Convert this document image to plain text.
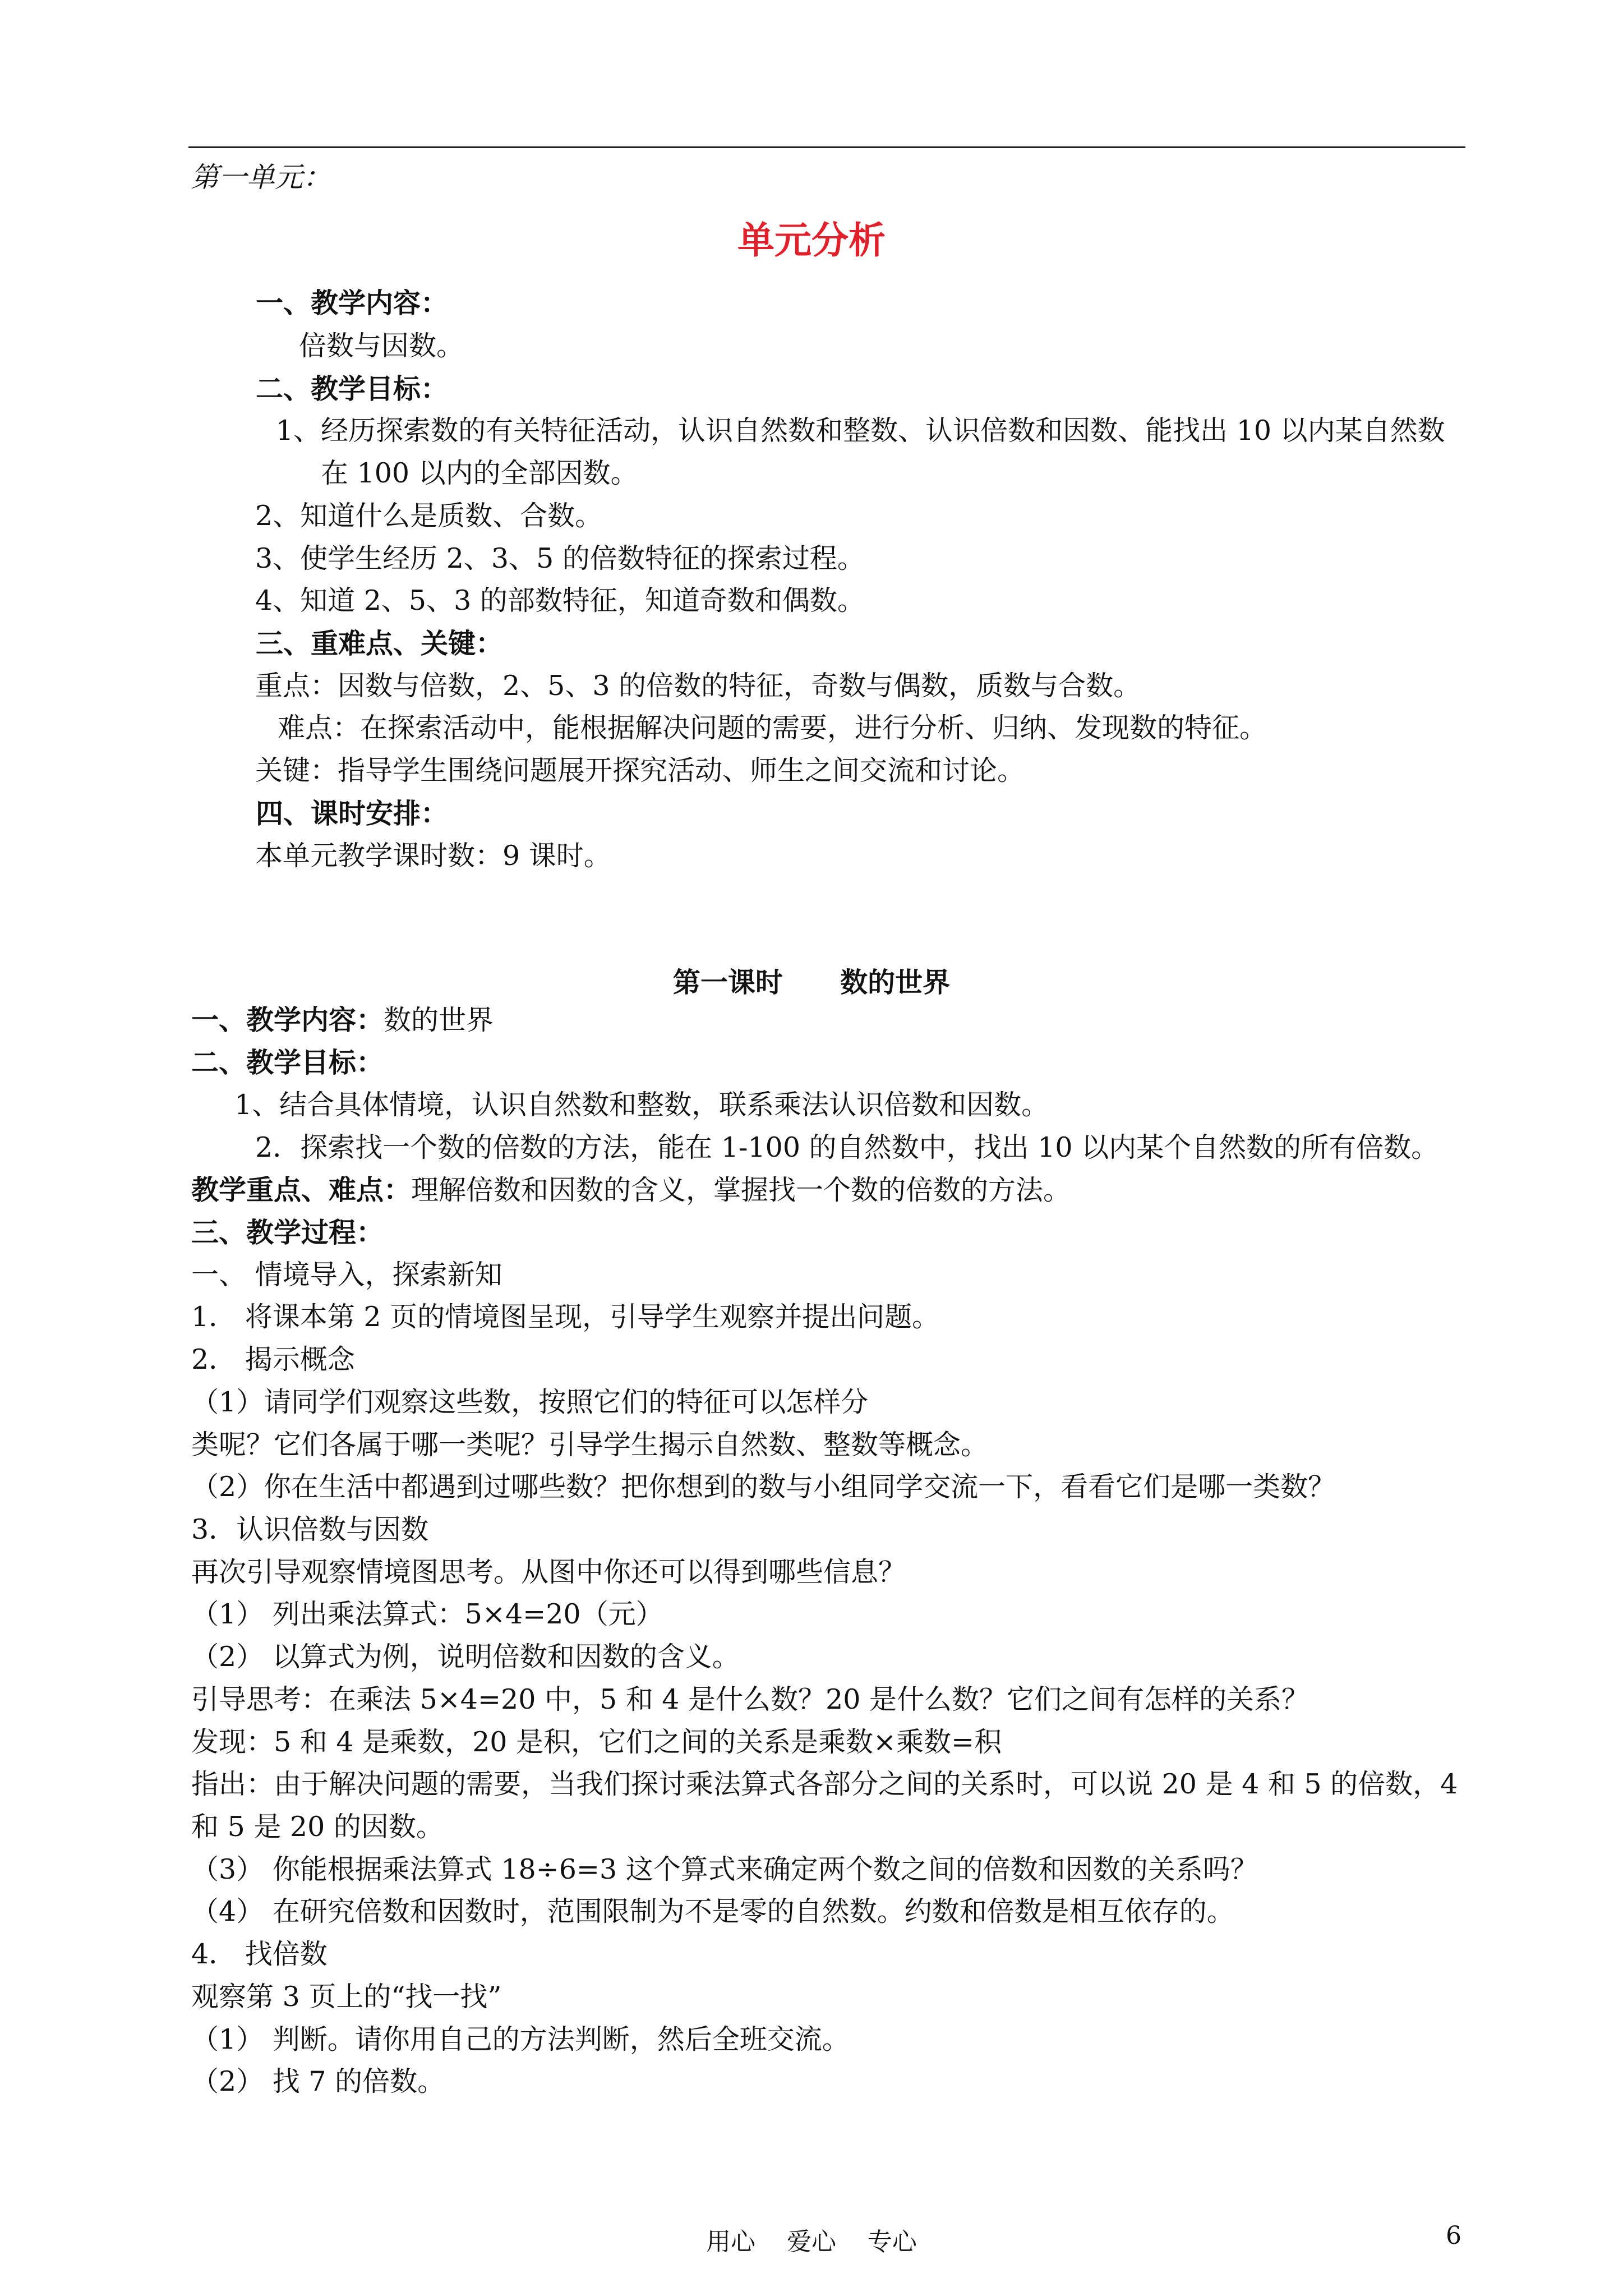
第一单元：
单元分析
一、教学内容：
倍数与因数。
二、教学目标：
1、经历探索数的有关特征活动，认识自然数和整数、认识倍数和因数、能找出 10 以内某自然数
在 100 以内的全部因数。
2、知道什么是质数、合数。
3、使学生经历 2、3、5 的倍数特征的探索过程。
4、知道 2、5、3 的部数特征，知道奇数和偶数。
三、重难点、关键：
重点：因数与倍数，2、5、3 的倍数的特征，奇数与偶数，质数与合数。
难点：在探索活动中，能根据解决问题的需要，进行分析、归纳、发现数的特征。
关键：指导学生围绕问题展开探究活动、师生之间交流和讨论。
四、课时安排：
本单元教学课时数：9 课时。
第一课时      数的世界
一、教学内容：数的世界
二、教学目标：
1、结合具体情境，认识自然数和整数，联系乘法认识倍数和因数。
2．探索找一个数的倍数的方法，能在 1-100 的自然数中，找出 10 以内某个自然数的所有倍数。
教学重点、难点：理解倍数和因数的含义，掌握找一个数的倍数的方法。
三、教学过程：
一、 情境导入，探索新知
1． 将课本第 2 页的情境图呈现，引导学生观察并提出问题。
2． 揭示概念
（1）请同学们观察这些数，按照它们的特征可以怎样分
类呢？它们各属于哪一类呢？引导学生揭示自然数、整数等概念。
（2）你在生活中都遇到过哪些数？把你想到的数与小组同学交流一下，看看它们是哪一类数？
3．认识倍数与因数
再次引导观察情境图思考。从图中你还可以得到哪些信息？
（1） 列出乘法算式：5×4=20（元）
（2） 以算式为例，说明倍数和因数的含义。
引导思考：在乘法 5×4=20 中，5 和 4 是什么数？20 是什么数？它们之间有怎样的关系？
发现：5 和 4 是乘数，20 是积，它们之间的关系是乘数×乘数=积
指出：由于解决问题的需要，当我们探讨乘法算式各部分之间的关系时，可以说 20 是 4 和 5 的倍数，4
和 5 是 20 的因数。
（3） 你能根据乘法算式 18÷6=3 这个算式来确定两个数之间的倍数和因数的关系吗？
（4） 在研究倍数和因数时，范围限制为不是零的自然数。约数和倍数是相互依存的。
4． 找倍数
观察第 3 页上的“找一找”
（1） 判断。请你用自己的方法判断，然后全班交流。
（2） 找 7 的倍数。
用心    爱心    专心	6
